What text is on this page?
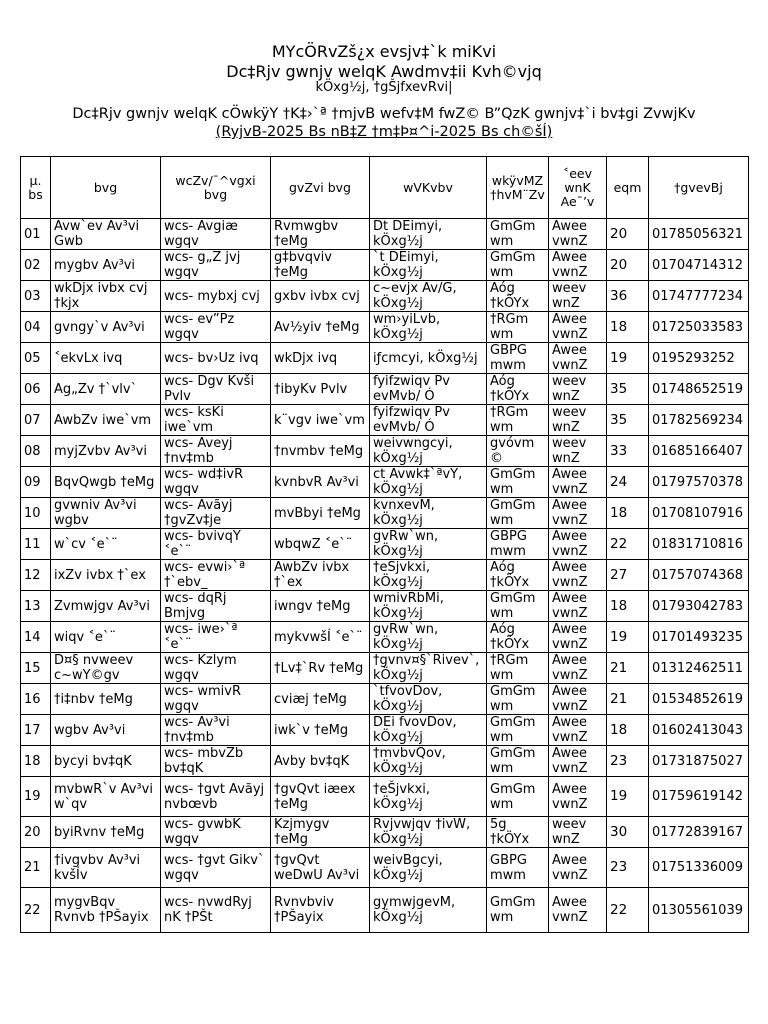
MYcÖRvZš¿x evsjv‡`k miKvi
Dc‡Rjv gwnjv welqK Awdmv‡ii Kvh©vjq
kÖxg½j, †gŠjfxevRvi|
Dc‡Rjv gwnjv welqK cÖwkÿY †K‡›`ª †mjvB wefv‡M fwZ© B”QzK gwnjv‡`i bv‡gi ZvwjKv
(RyjvB-2025 Bs nB‡Z †m‡Þ¤^i-2025 Bs ch©šÍ)
µ. bs	bvg	wcZv/¯^vgxi bvg	gvZvi bvg	wVKvbv	wkÿvMZ †hvM¨Zv	˂eev wnK Ae¯’v	eqm	†gvevBj
01	Avw`ev Av³vi Gwb	wcs- Avgiæ wgqv	Rvmwgbv †eMg	Dt DEimyi, kÖxg½j	GmGm wm	Awee vwnZ	20	01785056321
02	mygbv Av³vi	wcs- g„Z jvj wgqv	g‡bvqviv †eMg	`t DEimyi, kÖxg½j	GmGm wm	Awee vwnZ	20	01704714312
03	wkDjx ivbx cvj †kjx	wcs- mybxj cvj	gxbv ivbx cvj	c~evjx Av/G, kÖxg½j	Aóg †kÖYx	weev wnZ	36	01747777234
04	gvngy`v Av³vi	wcs- ev”Pz wgqv	Av½yiv †eMg	wm›yiLvb, kÖxg½j	†RGm wm	Awee vwnZ	18	01725033583
05	˂ekvLx ivq	wcs- bv›Uz ivq	wkDjx ivq	iƒcmcyi, kÖxg½j	GBPG mwm	Awee vwnZ	19	0195293252
06	Ag„Zv †`vlv`	wcs- Dgv Kvši Pvlv	†ibyKv Pvlv	fyifzwiqv Pv evMvb/ Ó	Aóg †kÖYx	weev wnZ	35	01748652519
07	AwbZv iwe`vm	wcs- ksKi iwe`vm	k¨vgv iwe`vm	fyifzwiqv Pv evMvb/ Ó	†RGm wm	weev wnZ	35	01782569234
08	myjZvbv Av³vi	wcs- Aveyj †nv‡mb	†nvmbv †eMg	weivwngcyi, kÖxg½j	gvóvm ©	weev wnZ	33	01685166407
09	BqvQwgb †eMg	wcs- wd‡ivR wgqv	kvnbvR Av³vi	ct Avwk‡`ªvY, kÖxg½j	GmGm wm	Awee vwnZ	24	01797570378
10	gvwniv Av³vi wgbv	wcs- Avãyj †gvZv‡je	mvBbyi †eMg	kvnxevM, kÖxg½j	GmGm wm	Awee vwnZ	18	01708107916
11	w`cv ˂e`¨	wcs- bvivqY ˂e`¨	wbqwZ ˂e`¨	gvRw`wn, kÖxg½j	GBPG mwm	Awee vwnZ	22	01831710816
12	ixZv ivbx †`ex	wcs- evwi›`ª †`ebv_	AwbZv ivbx †`ex	†eSjvkxi, kÖxg½j	Aóg †kÖYx	Awee vwnZ	27	01757074368
13	Zvmwjgv Av³vi	wcs- dqRj Bmjvg	iwngv †eMg	wmivRbMi, kÖxg½j	GmGm wm	Awee vwnZ	18	01793042783
14	wiqv ˂e`¨	wcs- iwe›`ª ˂e`¨	mykvwšÍ ˂e`¨	gvRw`wn, kÖxg½j	Aóg †kÖYx	Awee vwnZ	19	01701493235
15	D¤§ nvweev c~wY©gv	wcs- Kzlym wgqv	†Lv‡`Rv †eMg	†gvnv¤§`Rivev`, kÖxg½j	†RGm wm	Awee vwnZ	21	01312462511
16	†i‡nbv †eMg	wcs- wmivR wgqv	cviæj †eMg	`tfvovDov, kÖxg½j	GmGm wm	Awee vwnZ	21	01534852619
17	wgbv Av³vi	wcs- Av³vi †nv‡mb	iwk`v †eMg	DEi fvovDov, kÖxg½j	GmGm wm	Awee vwnZ	18	01602413043
18	bycyi bv‡qK	wcs- mbvZb bv‡qK	Avby bv‡qK	†mvbvQov, kÖxg½j	GmGm wm	Awee vwnZ	23	01731875027
19	mvbwR`v Av³vi w`qv	wcs- †gvt Avãyj nvbœvb	†gvQvt iæex †eMg	†eŠjvkxi, kÖxg½j	GmGm wm	Awee vwnZ	19	01759619142
20	byiRvnv †eMg	wcs- gvwbK wgqv	Kzjmygv †eMg	Rvjvwjqv †ivW, kÖxg½j	5g †kÖYx	weev wnZ	30	01772839167
21	†ivgvbv Av³vi kvšÍv	wcs- †gvt Gikv` wgqv	†gvQvt weDwU Av³vi	weivBgcyi, kÖxg½j	GBPG mwm	Awee vwnZ	23	01751336009
22	mygvBqv Rvnvb †PŠayix	wcs- nvwdRyj nK †PŠt	Rvnvbviv †PŠayix	gymwjgevM, kÖxg½j	GmGm wm	Awee vwnZ	22	01305561039
